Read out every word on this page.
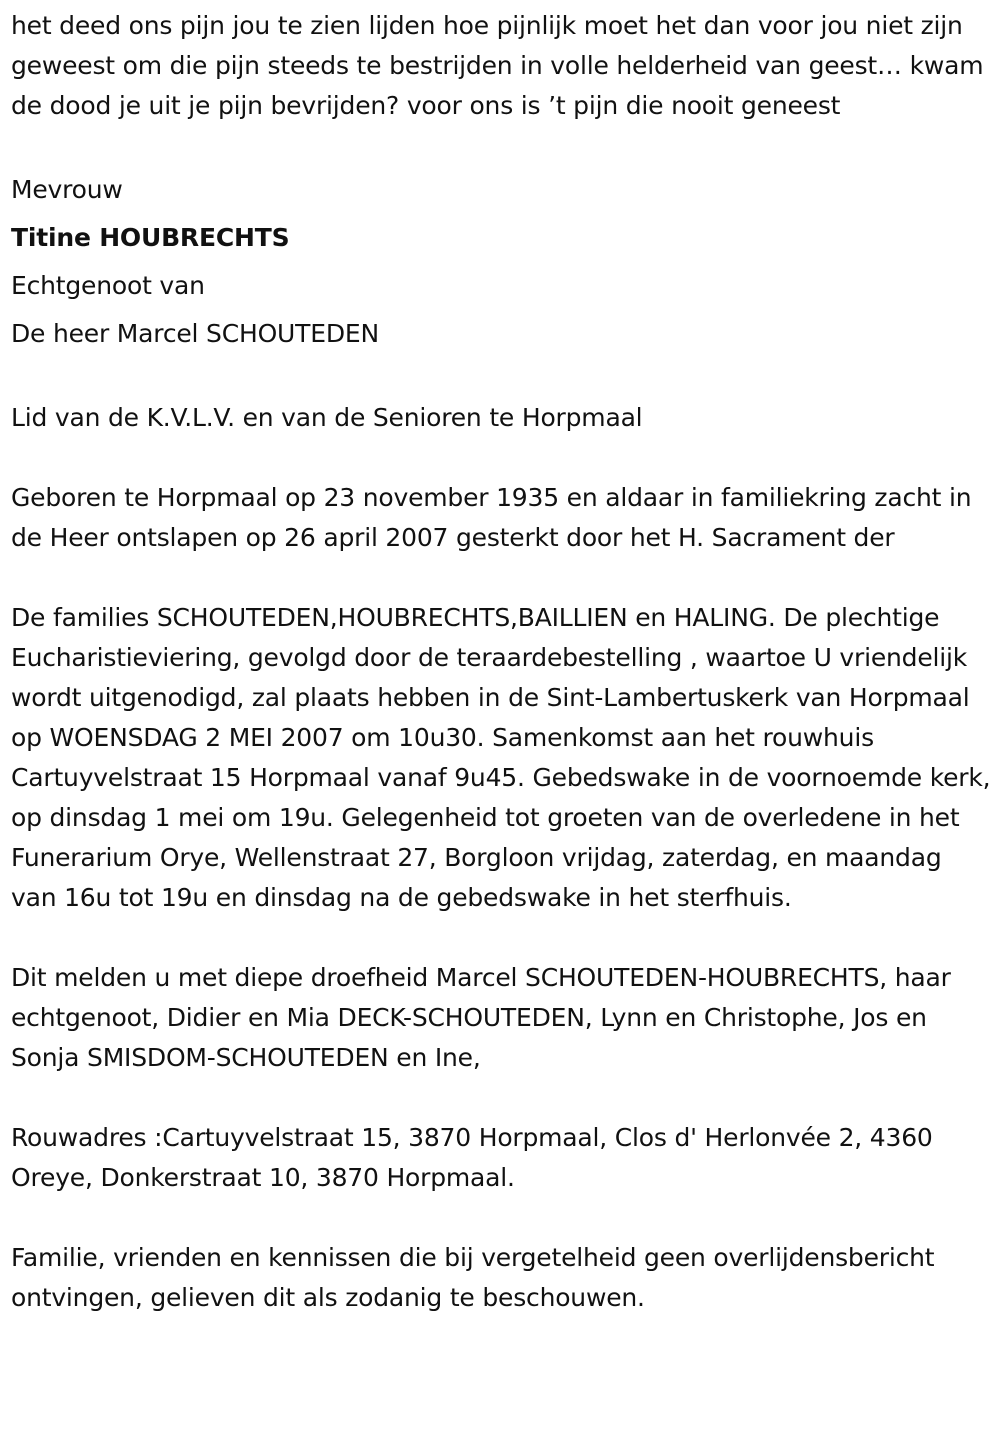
het deed ons pijn jou te zien lijden hoe pijnlijk moet het dan voor jou niet zijn geweest om die pijn steeds te bestrijden in volle helderheid van geest… kwam de dood je uit je pijn bevrijden? voor ons is ’t pijn die nooit geneest

Mevrouw
Titine HOUBRECHTS
Echtgenoot van
De heer Marcel SCHOUTEDEN

Lid van de K.V.L.V. en van de Senioren te Horpmaal

Geboren te Horpmaal op 23 november 1935 en aldaar in familiekring zacht in de Heer ontslapen op 26 april 2007 gesterkt door het H. Sacrament der

De families SCHOUTEDEN,HOUBRECHTS,BAILLIEN en HALING. De plechtige Eucharistieviering, gevolgd door de teraardebestelling , waartoe U vriendelijk wordt uitgenodigd, zal plaats hebben in de Sint-Lambertuskerk van Horpmaal op WOENSDAG 2 MEI 2007 om 10u30. Samenkomst aan het rouwhuis Cartuyvelstraat 15 Horpmaal vanaf 9u45. Gebedswake in de voornoemde kerk, op dinsdag 1 mei om 19u. Gelegenheid tot groeten van de overledene in het Funerarium Orye, Wellenstraat 27, Borgloon vrijdag, zaterdag, en maandag van 16u tot 19u en dinsdag na de gebedswake in het sterfhuis.

Dit melden u met diepe droefheid Marcel SCHOUTEDEN-HOUBRECHTS, haar echtgenoot, Didier en Mia DECK-SCHOUTEDEN, Lynn en Christophe, Jos en Sonja SMISDOM-SCHOUTEDEN en Ine,

Rouwadres :Cartuyvelstraat 15, 3870 Horpmaal, Clos d' Herlonvée 2, 4360 Oreye, Donkerstraat 10, 3870 Horpmaal.

Familie, vrienden en kennissen die bij vergetelheid geen overlijdensbericht ontvingen, gelieven dit als zodanig te beschouwen.
